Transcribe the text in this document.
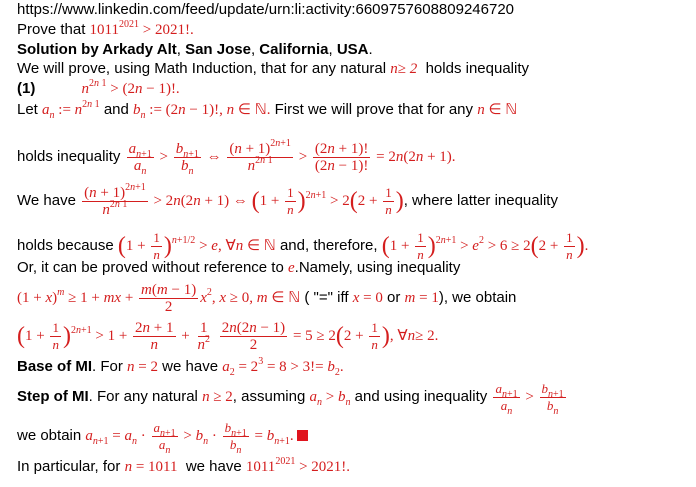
https://www.linkedin.com/feed/update/urn:li:activity:6609757608809246720
Prove that $1011^{2021} > 2021$!.
Solution by Arkady Alt, San Jose, California, USA.
We will prove, using Math Induction, that for any natural n≥ 2 holds inequality
(1)	$n^{2n 1} > (2n - 1)$!.
Let $a_n$ := $n^{2n 1}$ and $b_n$ := (2n − 1)!, n ∈ ℕ. First we will prove that for any n ∈ ℕ
holds inequality $\frac{a_{n+1}}{a_n} > \frac{b_{n+1}}{b_n}$ ⇔ $\frac{(n + 1)^{2n+1}}{n^{2n 1}} > \frac{(2n + 1)!}{(2n - 1)!} = 2n(2n + 1)$.
We have $\frac{(n + 1)^{2n+1}}{n^{2n 1}} > 2n(2n + 1)$ ⇔ $(1 + \frac{1}{n} )^{2n+1} > 2(2 + \frac{1}{n}$ ), where latter inequality
holds because $(1 + \frac{1}{n} )^{n+1/2} > e$, ∀n ∈ ℕ and, therefore, $(1 + \frac{1}{n} )^{2n+1} > e^2 > 6 \ge 2(2 + \frac{1}{n}$ ).
Or, it can be proved without reference to e.Namely, using inequality
$(1 + x)^m \ge 1$ + mx + $\frac{m(m - 1)}{2} x^2$, x ≥ 0, m ∈ ℕ ( "=" iff x = 0 or m = 1), we obtain
$(1 + \frac{1}{n} )^{2n+1} > 1 + \frac{2n + 1}{n} + \frac{1}{n^2}$
$\frac{2n(2n - 1)}{2} = 5 \ge 2(2 + \frac{1}{n}$ ), ∀n≥ 2.
Base of MI. For n = 2 we have $a_2 = 2^3 = 8 > 3!= b_2$.
Step of MI. For any natural n ≥ 2, assuming $a_n > b_n$ and using inequality $\frac{a_{n+1}}{a_n} > \frac{b_{n+1}}{b_n}$
we obtain $a_{n+1} = a_n \cdot \frac{a_{n+1}}{a_n} > b_n \cdot \frac{b_{n+1}}{b_n} = b_{n+1}$.
In particular, for n = 1011 we have $1011^{2021} > 2021$!.
